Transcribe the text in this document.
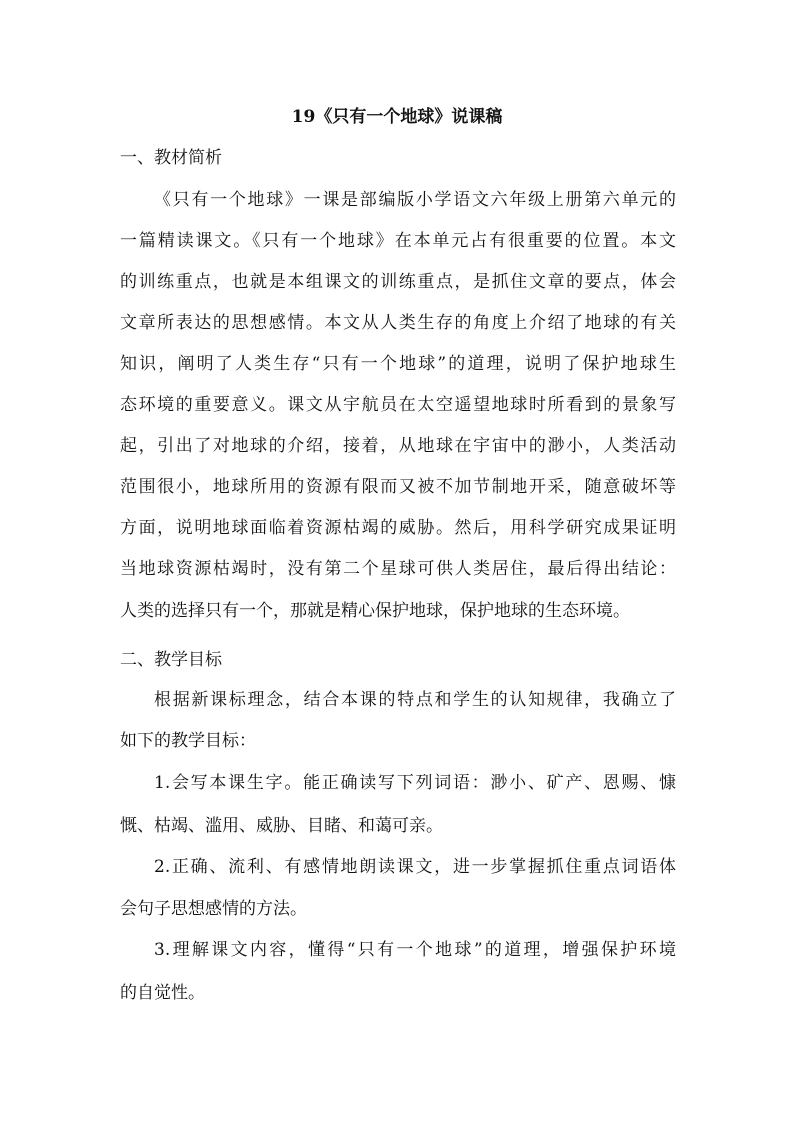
19《只有一个地球》说课稿
一、教材简析
《只有一个地球》一课是部编版小学语文六年级上册第六单元的
一篇精读课文。《只有一个地球》在本单元占有很重要的位置。本文
的训练重点，也就是本组课文的训练重点，是抓住文章的要点，体会
文章所表达的思想感情。本文从人类生存的角度上介绍了地球的有关
知识，阐明了人类生存“只有一个地球”的道理，说明了保护地球生
态环境的重要意义。课文从宇航员在太空遥望地球时所看到的景象写
起，引出了对地球的介绍，接着，从地球在宇宙中的渺小，人类活动
范围很小，地球所用的资源有限而又被不加节制地开采，随意破坏等
方面，说明地球面临着资源枯竭的威胁。然后，用科学研究成果证明
当地球资源枯竭时，没有第二个星球可供人类居住，最后得出结论：
人类的选择只有一个，那就是精心保护地球，保护地球的生态环境。
二、教学目标
根据新课标理念，结合本课的特点和学生的认知规律，我确立了
如下的教学目标：
1.会写本课生字。能正确读写下列词语：渺小、矿产、恩赐、慷
慨、枯竭、滥用、威胁、目睹、和蔼可亲。
2.正确、流利、有感情地朗读课文，进一步掌握抓住重点词语体
会句子思想感情的方法。
3.理解课文内容，懂得“只有一个地球”的道理，增强保护环境
的自觉性。
